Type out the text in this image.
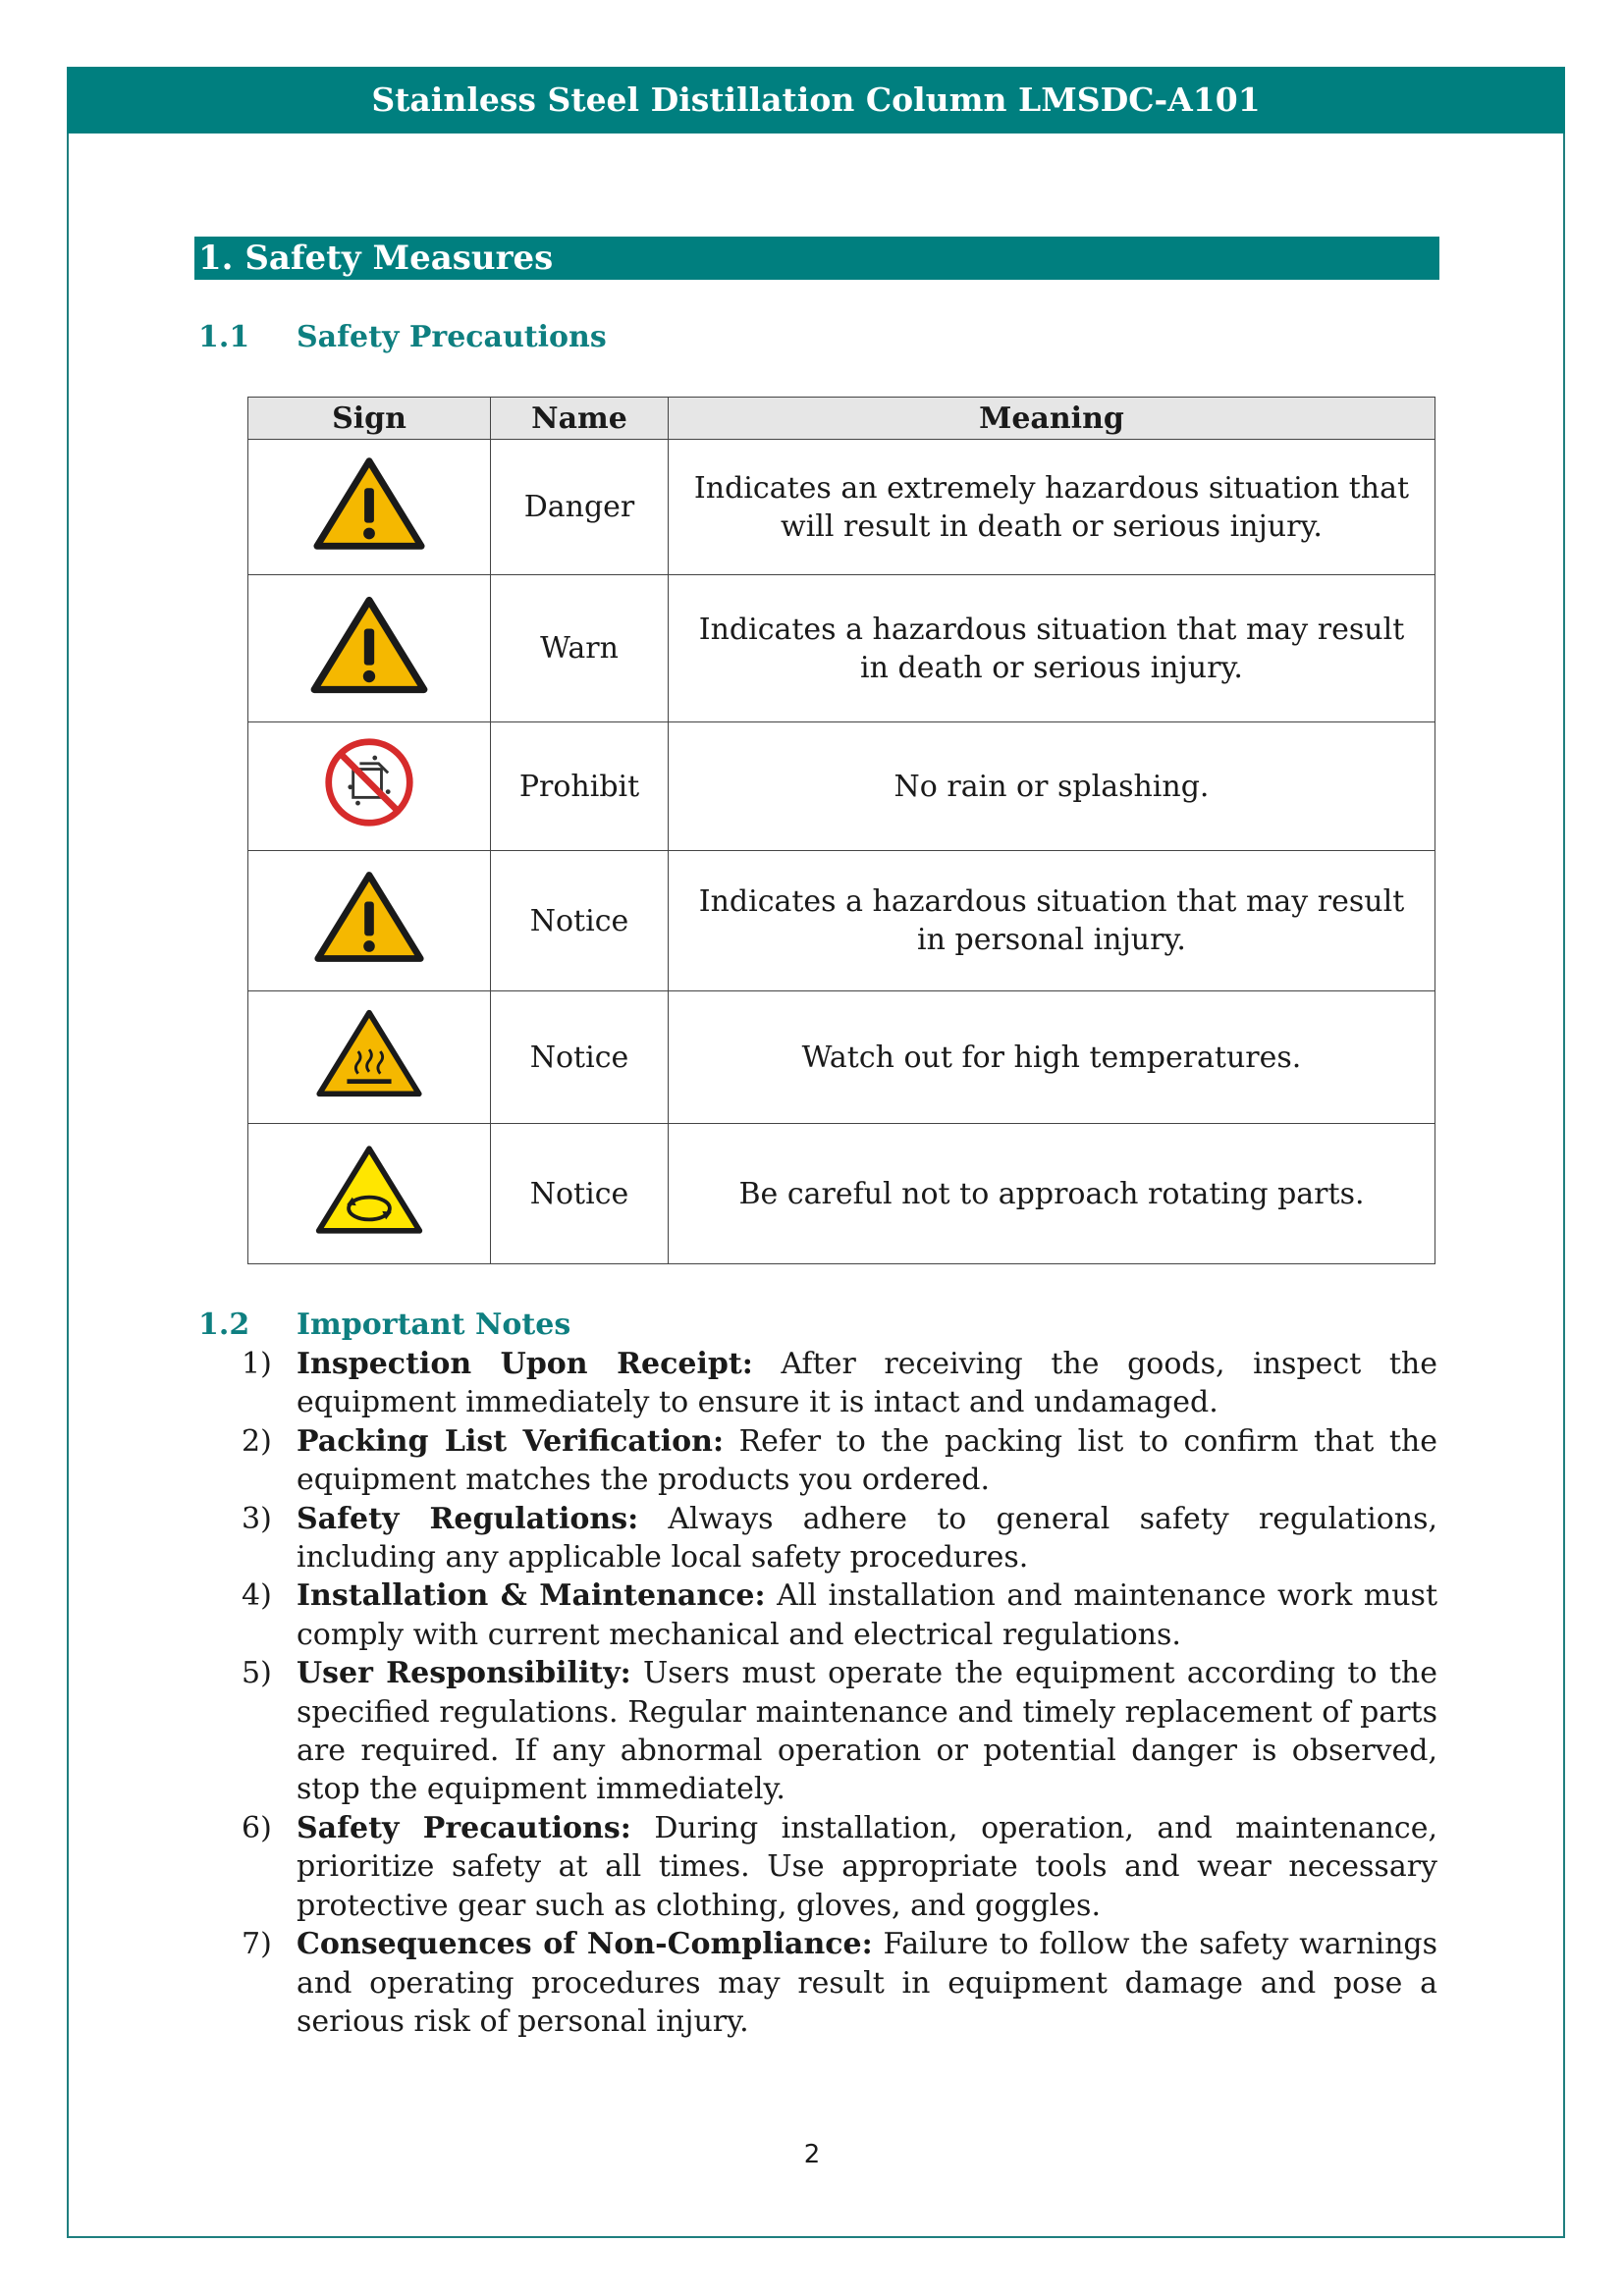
Stainless Steel Distillation Column LMSDC-A101
1. Safety Measures
1.1 Safety Precautions
Sign	Name	Meaning
	Danger	Indicates an extremely hazardous situation that will result in death or serious injury.
	Warn	Indicates a hazardous situation that may result in death or serious injury.
	Prohibit	No rain or splashing.
	Notice	Indicates a hazardous situation that may result in personal injury.
	Notice	Watch out for high temperatures.
	Notice	Be careful not to approach rotating parts.
1.2 Important Notes
1) Inspection Upon Receipt: After receiving the goods, inspect the equipment immediately to ensure it is intact and undamaged.
2) Packing List Verification: Refer to the packing list to confirm that the equipment matches the products you ordered.
3) Safety Regulations: Always adhere to general safety regulations, including any applicable local safety procedures.
4) Installation & Maintenance: All installation and maintenance work must comply with current mechanical and electrical regulations.
5) User Responsibility: Users must operate the equipment according to the specified regulations. Regular maintenance and timely replacement of parts are required. If any abnormal operation or potential danger is observed, stop the equipment immediately.
6) Safety Precautions: During installation, operation, and maintenance, prioritize safety at all times. Use appropriate tools and wear necessary protective gear such as clothing, gloves, and goggles.
7) Consequences of Non-Compliance: Failure to follow the safety warnings and operating procedures may result in equipment damage and pose a serious risk of personal injury.
2
